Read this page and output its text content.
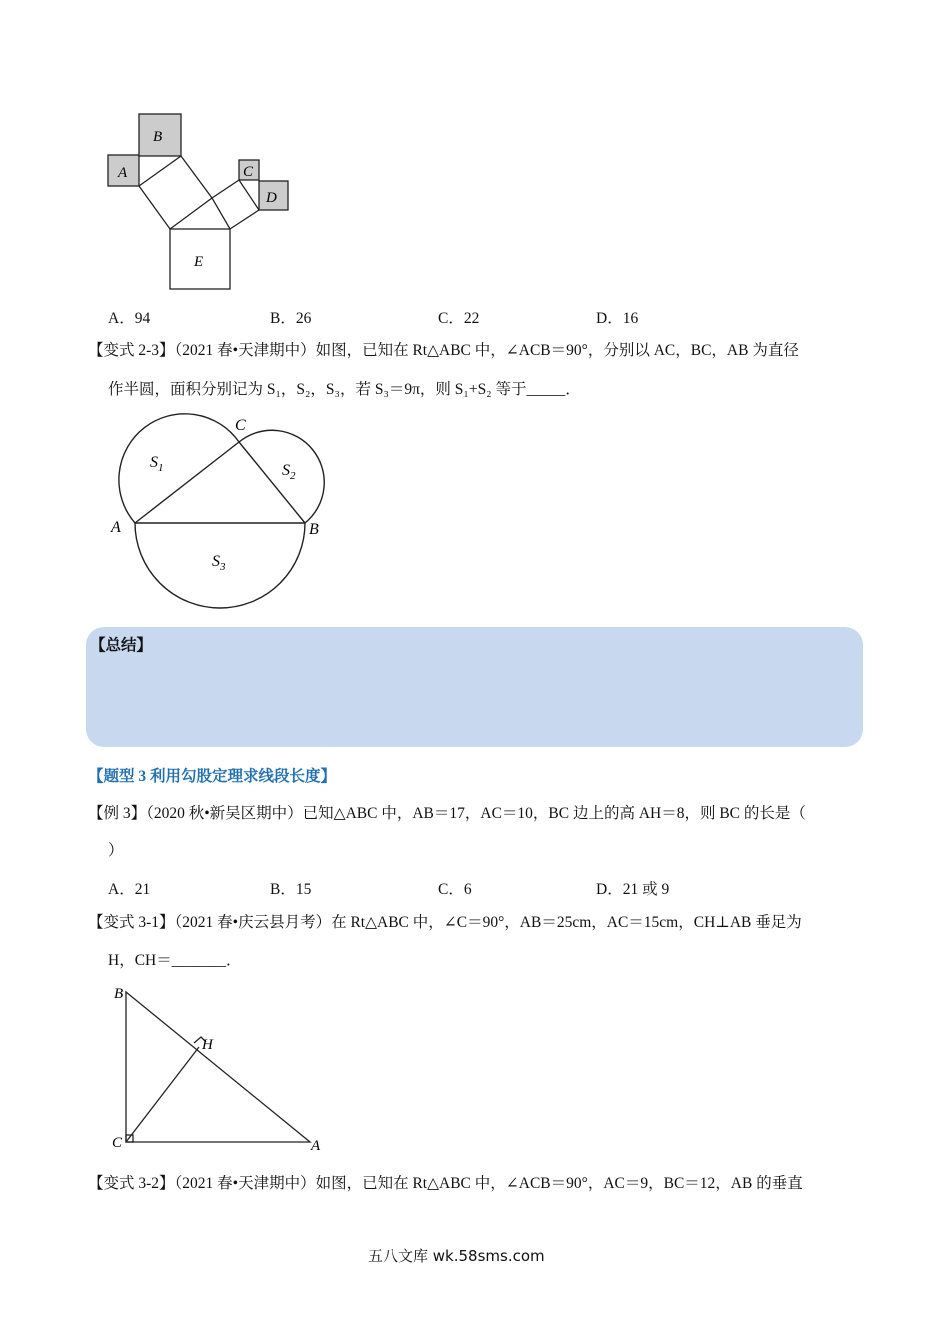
A
B
C
D
E
A．94	B．26	C．22	D．16
【变式 2-3】（2021 春•天津期中）如图，已知在 Rt△ABC 中，∠ACB＝90°，分别以 AC，BC，AB 为直径
作半圆，面积分别记为 S₁，S₂，S₃，若 S₃＝9π，则 S₁+S₂ 等于_____．
C
$S_1$	$S_2$
A	B
$S_3$
【总结】
【题型 3 利用勾股定理求线段长度】
【例 3】（2020 秋•新吴区期中）已知△ABC 中，AB＝17，AC＝10，BC 边上的高 AH＝8，则 BC 的长是（
）
A．21	B．15	C．6	D．21 或 9
【变式 3-1】（2021 春•庆云县月考）在 Rt△ABC 中，∠C＝90°，AB＝25cm，AC＝15cm，CH⊥AB 垂足为
H，CH＝_______．
B
H
C	A
【变式 3-2】（2021 春•天津期中）如图，已知在 Rt△ABC 中，∠ACB＝90°，AC＝9，BC＝12，AB 的垂直
五八文库 wk.58sms.com
